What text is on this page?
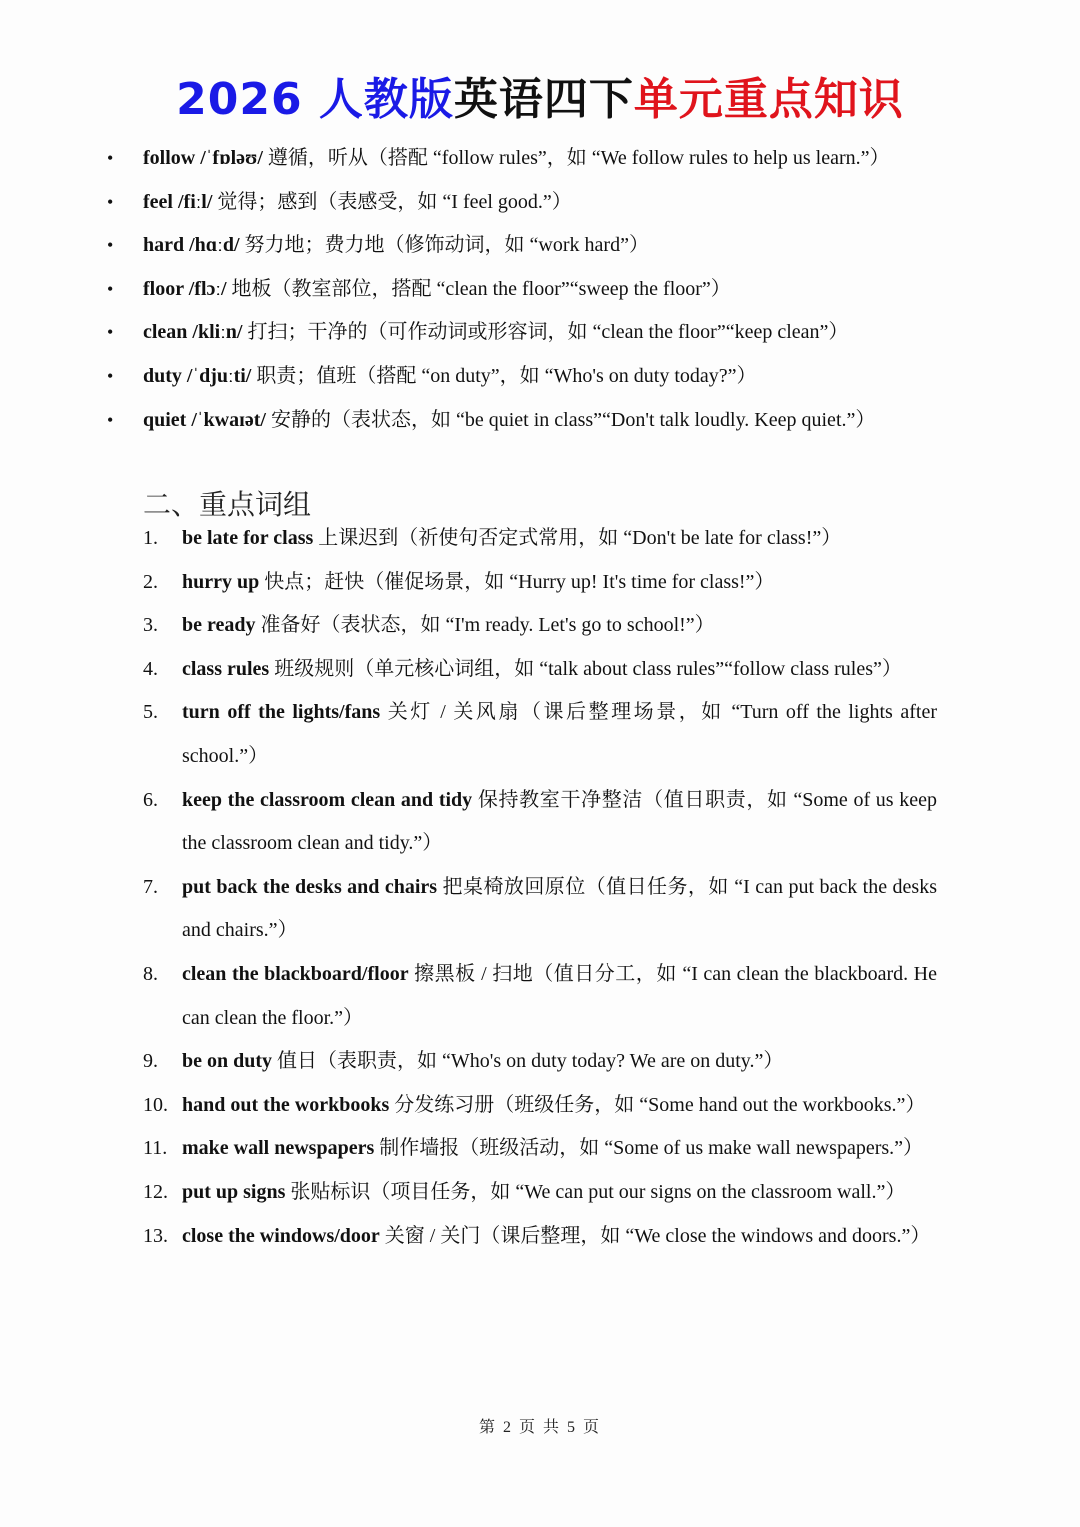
2026 人教版英语四下单元重点知识
• follow /ˈfɒləʊ/ 遵循，听从（搭配 “follow rules”，如 “We follow rules to help us learn.”）
• feel /fiːl/ 觉得；感到（表感受，如 “I feel good.”）
• hard /hɑːd/ 努力地；费力地（修饰动词，如 “work hard”）
• floor /flɔː/ 地板（教室部位，搭配 “clean the floor”“sweep the floor”）
• clean /kliːn/ 打扫；干净的（可作动词或形容词，如 “clean the floor”“keep clean”）
• duty /ˈdjuːti/ 职责；值班（搭配 “on duty”，如 “Who's on duty today?”）
• quiet /ˈkwaɪət/ 安静的（表状态，如 “be quiet in class”“Don't talk loudly. Keep quiet.”）
二、重点词组
1. be late for class 上课迟到（祈使句否定式常用，如 “Don't be late for class!”）
2. hurry up 快点；赶快（催促场景，如 “Hurry up! It's time for class!”）
3. be ready 准备好（表状态，如 “I'm ready. Let's go to school!”）
4. class rules 班级规则（单元核心词组，如 “talk about class rules”“follow class rules”）
5. turn off the lights/fans 关灯 / 关风扇（课后整理场景，如 “Turn off the lights after school.”）
6. keep the classroom clean and tidy 保持教室干净整洁（值日职责，如 “Some of us keep the classroom clean and tidy.”）
7. put back the desks and chairs 把桌椅放回原位（值日任务，如 “I can put back the desks and chairs.”）
8. clean the blackboard/floor 擦黑板 / 扫地（值日分工，如 “I can clean the blackboard. He can clean the floor.”）
9. be on duty 值日（表职责，如 “Who's on duty today? We are on duty.”）
10. hand out the workbooks 分发练习册（班级任务，如 “Some hand out the workbooks.”）
11. make wall newspapers 制作墙报（班级活动，如 “Some of us make wall newspapers.”）
12. put up signs 张贴标识（项目任务，如 “We can put our signs on the classroom wall.”）
13. close the windows/door 关窗 / 关门（课后整理，如 “We close the windows and doors.”）
第 2 页 共 5 页
